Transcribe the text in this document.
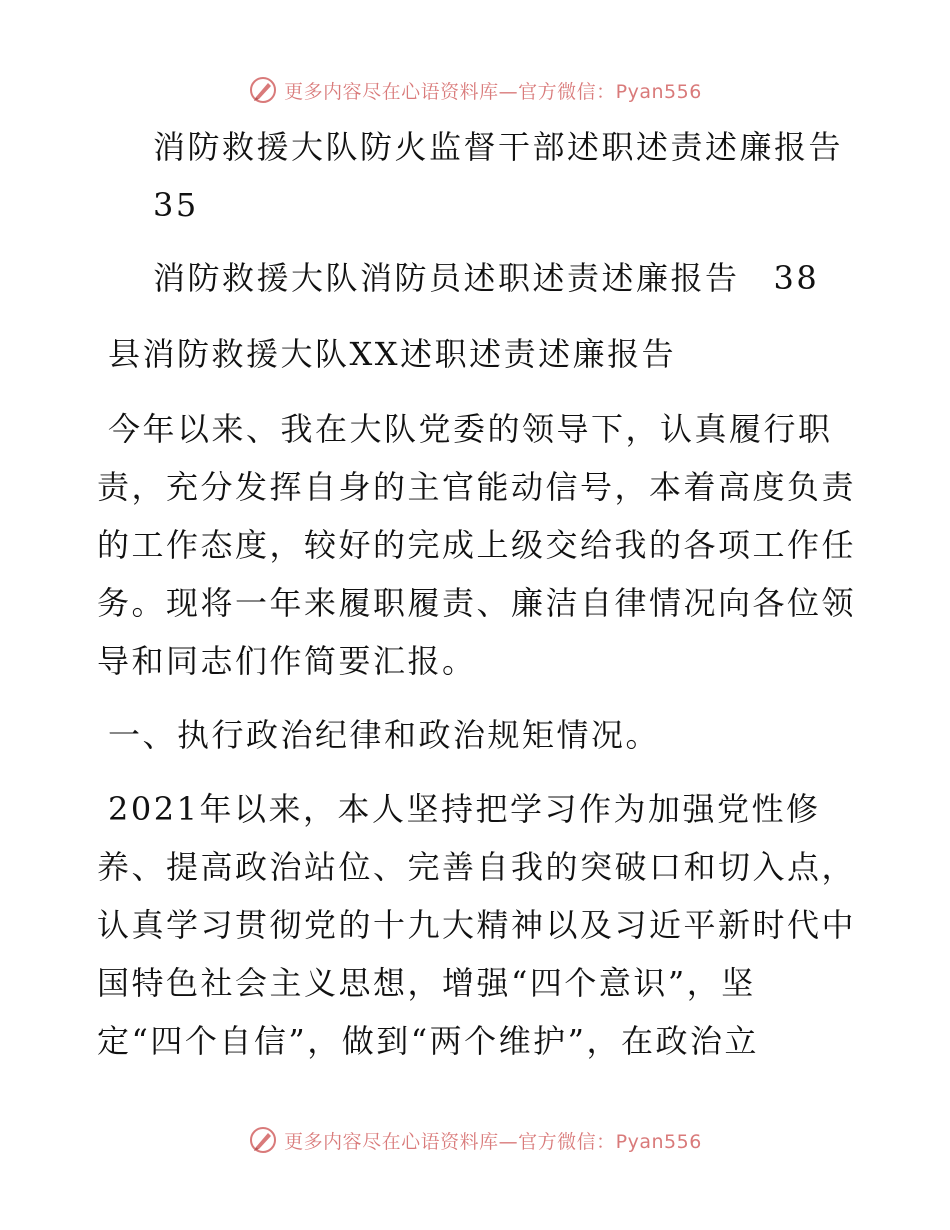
更多内容尽在心语资料库—官方微信：Pyan556
消防救援大队防火监督干部述职述责述廉报告
35
消防救援大队消防员述职述责述廉报告 38
县消防救援大队XX述职述责述廉报告
今年以来、我在大队党委的领导下，认真履行职
责，充分发挥自身的主官能动信号，本着高度负责
的工作态度，较好的完成上级交给我的各项工作任
务。现将一年来履职履责、廉洁自律情况向各位领
导和同志们作简要汇报。
一、执行政治纪律和政治规矩情况。
2021年以来，本人坚持把学习作为加强党性修
养、提高政治站位、完善自我的突破口和切入点，
认真学习贯彻党的十九大精神以及习近平新时代中
国特色社会主义思想，增强“四个意识”，坚
定“四个自信”，做到“两个维护”，在政治立
更多内容尽在心语资料库—官方微信：Pyan556
